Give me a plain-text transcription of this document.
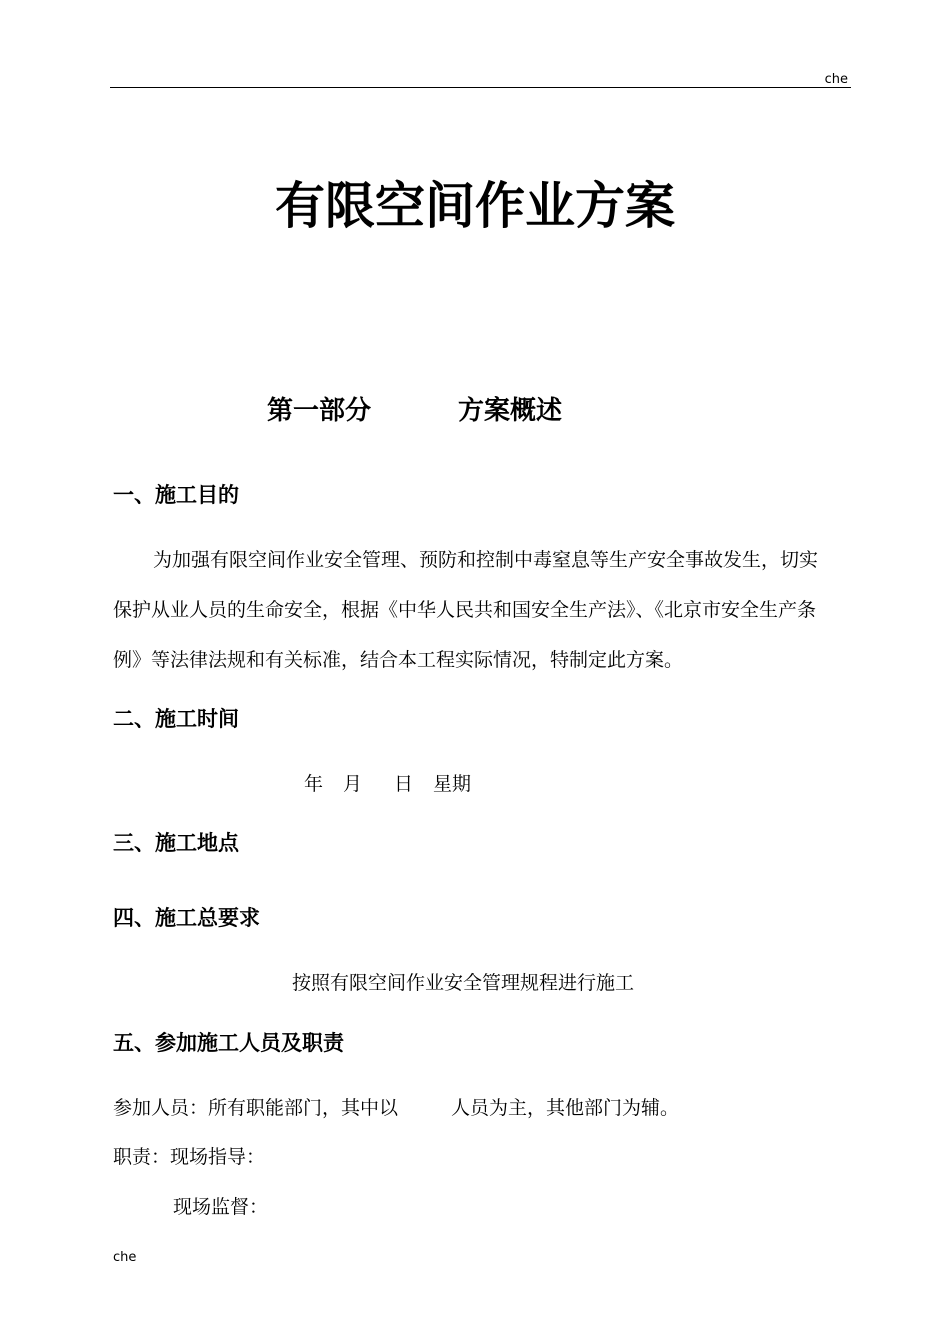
che
有限空间作业方案
第一部分	方案概述
一、施工目的
为加强有限空间作业安全管理、预防和控制中毒窒息等生产安全事故发生，切实
保护从业人员的生命安全，根据《中华人民共和国安全生产法》、《北京市安全生产条
例》等法律法规和有关标准，结合本工程实际情况，特制定此方案。
二、施工时间
年 月 日 星期
三、施工地点
四、施工总要求
按照有限空间作业安全管理规程进行施工
五、参加施工人员及职责
参加人员：所有职能部门，其中以	人员为主，其他部门为辅。
职责：现场指导：
现场监督：
che
